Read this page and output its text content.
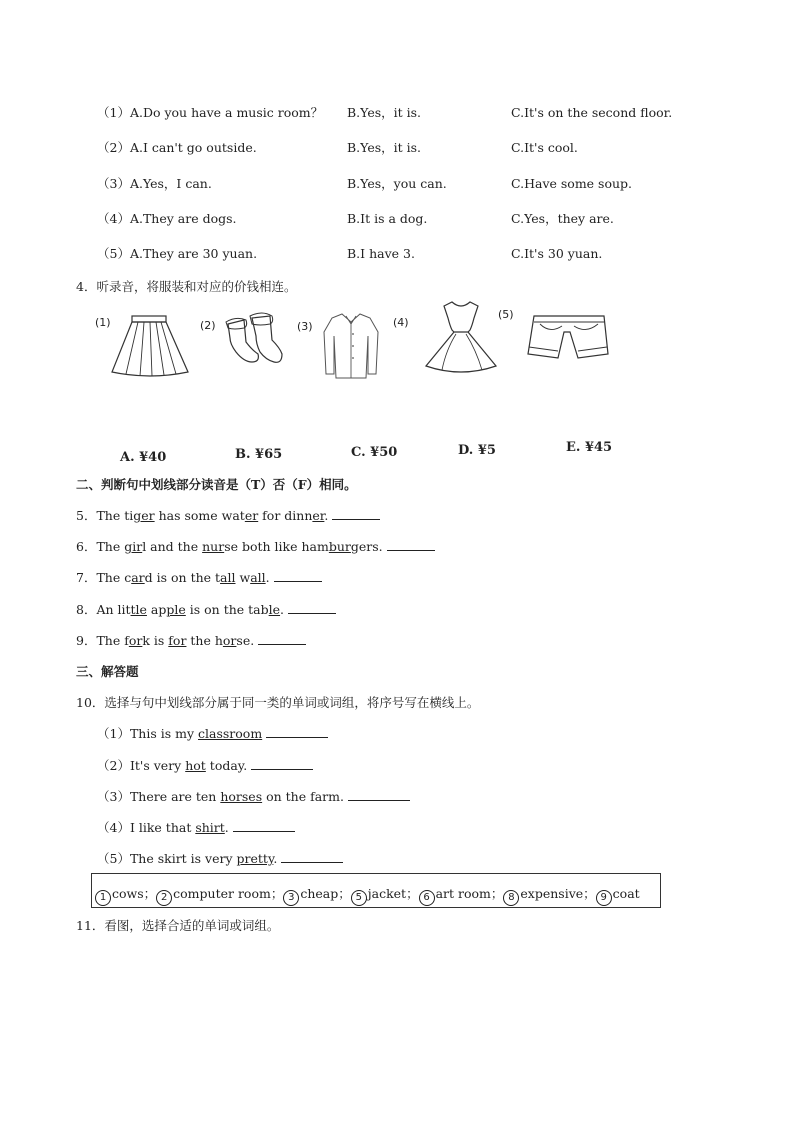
（1）A.Do you have a music room？ B.Yes，it is.	C.It's on the second floor.
（2）A.I can't go outside.	B.Yes，it is.	C.It's cool.
（3）A.Yes，I can.	B.Yes，you can.	C.Have some soup.
（4）A.They are dogs.	B.It is a dog.	C.Yes，they are.
（5）A.They are 30 yuan.	B.I have 3.	C.It's 30 yuan.
4．听录音，将服装和对应的价钱相连。
(1)	(2)	(3)	(4)
(5)
A. ¥40	B. ¥65	C. ¥50	D. ¥5	E. ¥45
二、判断句中划线部分读音是（T）否（F）相同。
5．The tiger has some water for dinner.
6．The girl and the nurse both like hamburgers.
7．The card is on the tall wall.
8．An little apple is on the table.
9．The fork is for the horse.
三、解答题
10．选择与句中划线部分属于同一类的单词或词组，将序号写在横线上。
（1）This is my classroom
（2）It's very hot today.
（3）There are ten horses on the farm.
（4）I like that shirt.
（5）The skirt is very pretty.
1 cows； 2 computer room； 3 cheap； 5 jacket； 6 art room； 8 expensive； 9 coat
11．看图，选择合适的单词或词组。
